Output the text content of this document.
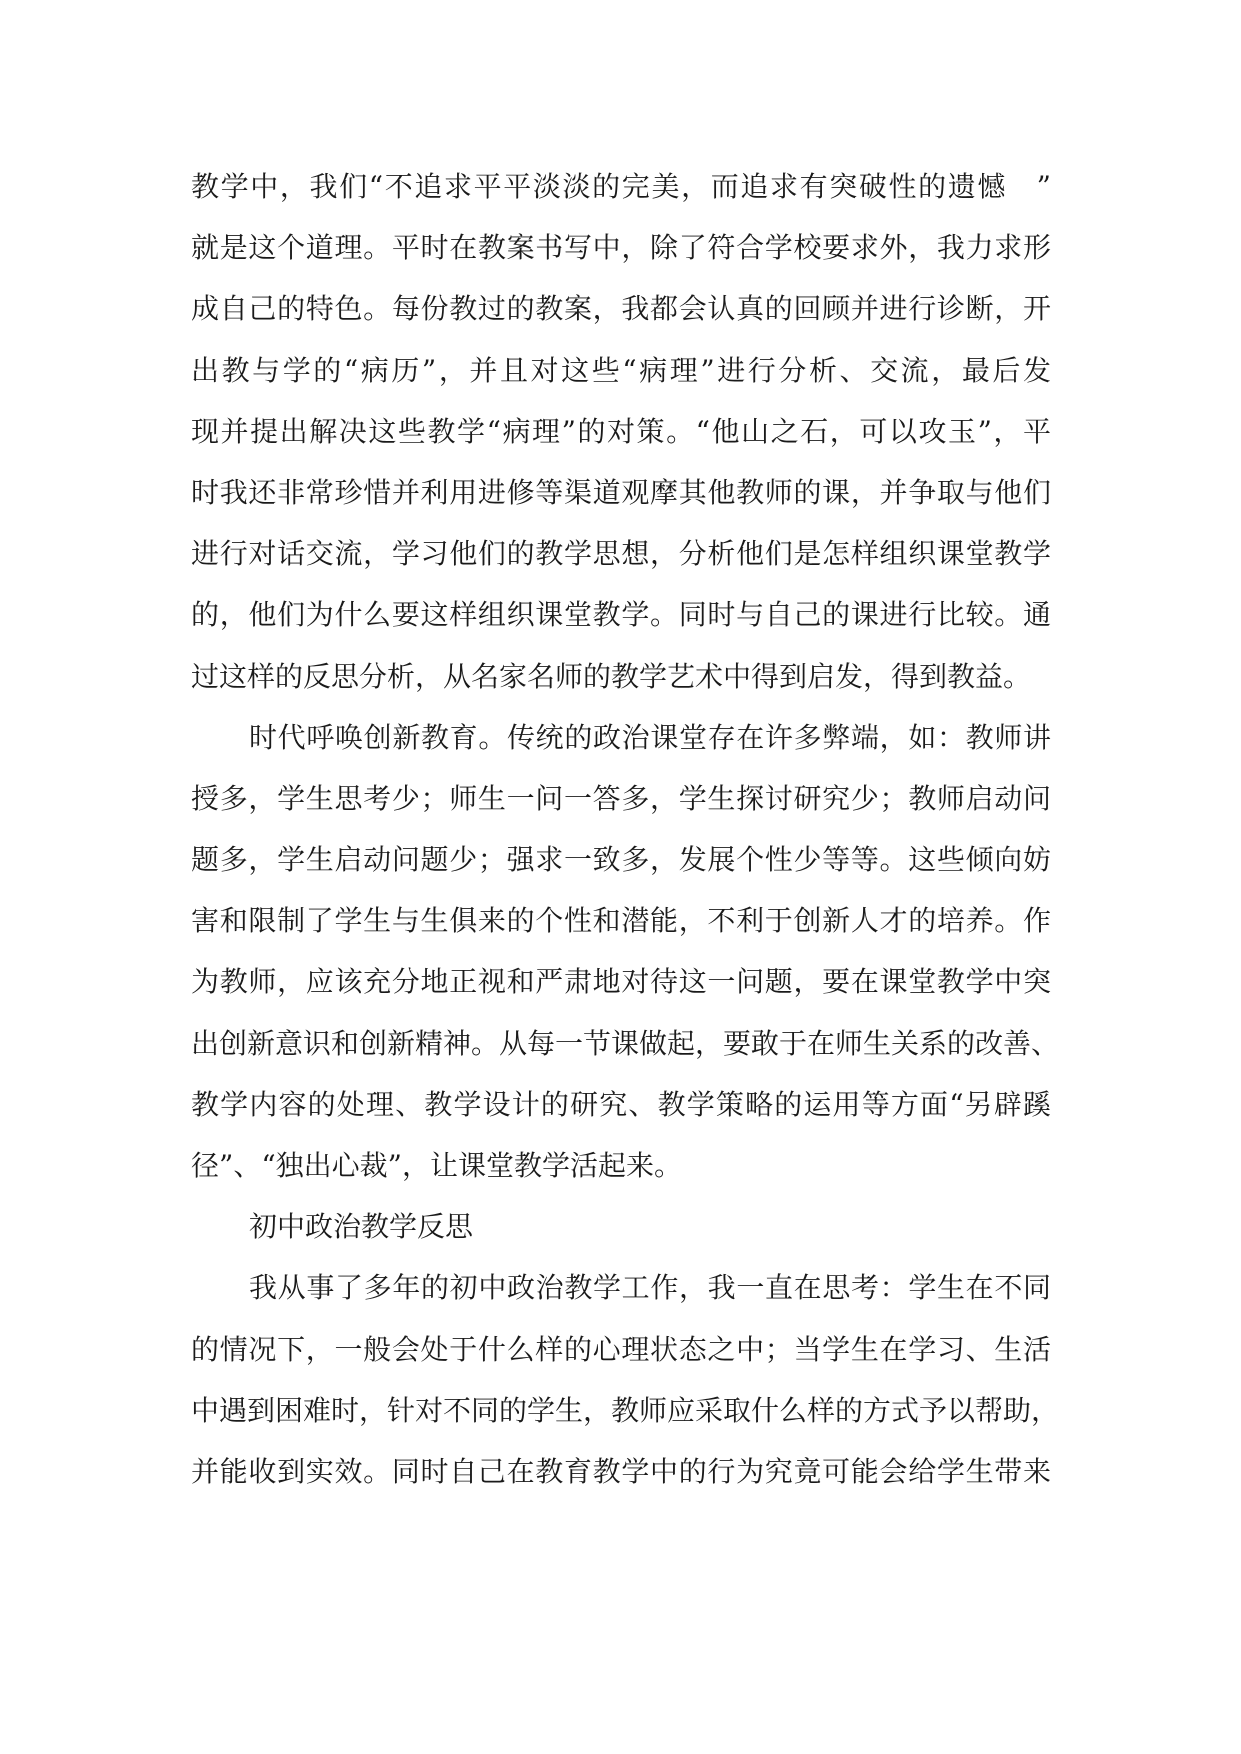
教学中，我们“不追求平平淡淡的完美，而追求有突破性的遗憾　”
就是这个道理。平时在教案书写中，除了符合学校要求外，我力求形
成自己的特色。每份教过的教案，我都会认真的回顾并进行诊断，开
出教与学的“病历”，并且对这些“病理”进行分析、交流，最后发
现并提出解决这些教学“病理”的对策。“他山之石，可以攻玉”，平
时我还非常珍惜并利用进修等渠道观摩其他教师的课，并争取与他们
进行对话交流，学习他们的教学思想，分析他们是怎样组织课堂教学
的，他们为什么要这样组织课堂教学。同时与自己的课进行比较。通
过这样的反思分析，从名家名师的教学艺术中得到启发，得到教益。
时代呼唤创新教育。传统的政治课堂存在许多弊端，如：教师讲
授多，学生思考少；师生一问一答多，学生探讨研究少；教师启动问
题多，学生启动问题少；强求一致多，发展个性少等等。这些倾向妨
害和限制了学生与生俱来的个性和潜能，不利于创新人才的培养。作
为教师，应该充分地正视和严肃地对待这一问题，要在课堂教学中突
出创新意识和创新精神。从每一节课做起，要敢于在师生关系的改善、
教学内容的处理、教学设计的研究、教学策略的运用等方面“另辟蹊
径”、“独出心裁”，让课堂教学活起来。
初中政治教学反思
我从事了多年的初中政治教学工作，我一直在思考：学生在不同
的情况下，一般会处于什么样的心理状态之中；当学生在学习、生活
中遇到困难时，针对不同的学生，教师应采取什么样的方式予以帮助，
并能收到实效。同时自己在教育教学中的行为究竟可能会给学生带来
